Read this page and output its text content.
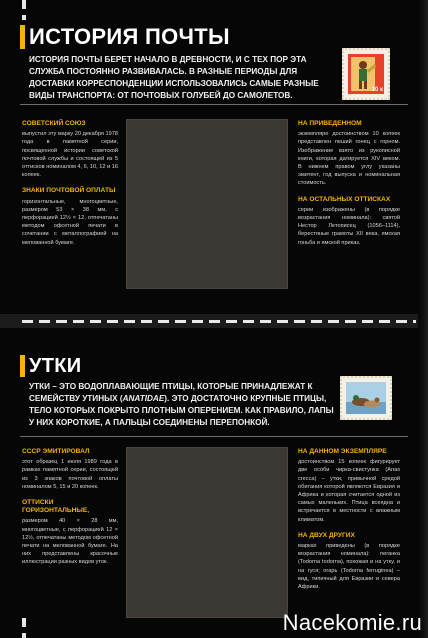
ИСТОРИЯ ПОЧТЫ
ИСТОРИЯ ПОЧТЫ БЕРЕТ НАЧАЛО В ДРЕВНОСТИ, И С ТЕХ ПОР ЭТА СЛУЖБА ПОСТОЯННО РАЗВИВАЛАСЬ. В РАЗНЫЕ ПЕРИОДЫ ДЛЯ ДОСТАВКИ КОРРЕСПОНДЕНЦИИ ИСПОЛЬЗОВАЛИСЬ САМЫЕ РАЗНЫЕ ВИДЫ ТРАНСПОРТА: ОТ ПОЧТОВЫХ ГОЛУБЕЙ ДО САМОЛЕТОВ.
10 к
СОВЕТСКИЙ СОЮЗ
выпустил эту марку 20 декабря 1978 года в памятной серии, посвященной истории советской почтовой службы и состоящей из 5 оттисков номиналом 4, 6, 10, 12 и 16 копеек.
ЗНАКИ ПОЧТОВОЙ ОПЛАТЫ
горизонтальные, многоцветные, размером 53 × 38 мм, с перфорацией 12½ × 12, отпечатаны методом офсетной печати в сочетании с металлографией на мелованной бумаге.
НА ПРИВЕДЕННОМ
экземпляре достоинством 10 копеек представлен пеший гонец с горном. Изображение взято из рукописной книги, которая датируется XIV веком. В нижнем правом углу указаны эмитент, год выпуска и номинальная стоимость.
НА ОСТАЛЬНЫХ ОТТИСКАХ
серии изображены (в порядке возрастания номинала): святой Нестор Летописец (1056–1114), берестяные грамоты XII века, ямская гоньба и ямской приказ.
УТКИ
УТКИ – ЭТО ВОДОПЛАВАЮЩИЕ ПТИЦЫ, КОТОРЫЕ ПРИНАДЛЕЖАТ К СЕМЕЙСТВУ УТИНЫХ (ANATIDAE). ЭТО ДОСТАТОЧНО КРУПНЫЕ ПТИЦЫ, ТЕЛО КОТОРЫХ ПОКРЫТО ПЛОТНЫМ ОПЕРЕНИЕМ. КАК ПРАВИЛО, ЛАПЫ У НИХ КОРОТКИЕ, А ПАЛЬЦЫ СОЕДИНЕНЫ ПЕРЕПОНКОЙ.
СССР ЭМИТИРОВАЛ
этот образец 1 июля 1989 года в рамках памятной серии, состоящей из 3 знаков почтовой оплаты номиналом 5, 15 и 20 копеек.
ОТТИСКИ ГОРИЗОНТАЛЬНЫЕ,
размером 40 × 28 мм, многоцветные, с перфорацией 12 × 12½, отпечатаны методом офсетной печати на мелованной бумаге. На них представлены красочные иллюстрации разных видов уток.
НА ДАННОМ ЭКЗЕМПЛЯРЕ
достоинством 15 копеек фигурирует две особи чирка-свистунка (Anas crecca) – утки, привычной средой обитания которой являются Евразия и Африка и которая считается одной из самых маленьких. Птица всеядна и встречается в местности с влажным климатом.
НА ДВУХ ДРУГИХ
марках приведены (в порядке возрастания номинала): пеганка (Todorna todorna), похожая и на утку, и на гуся; огарь (Todorna ferruginea) – вид, типичный для Евразии и севера Африки.
Nacekomie.ru
